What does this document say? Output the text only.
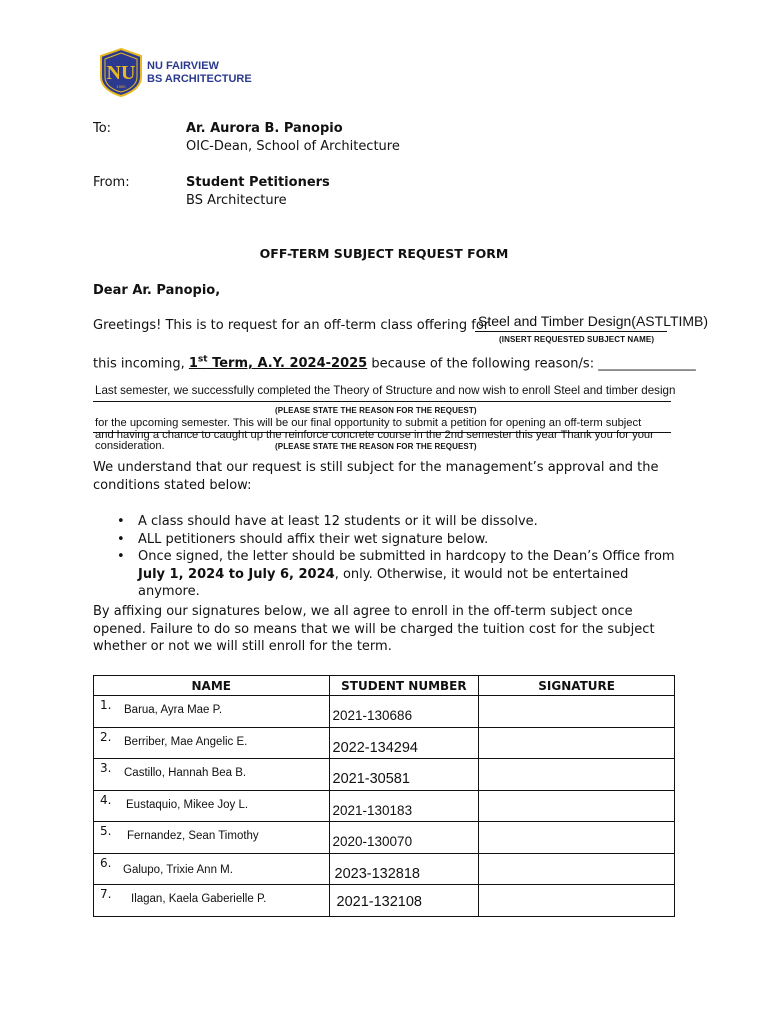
NU
1900
NU FAIRVIEW
BS ARCHITECTURE
To:	Ar. Aurora B. Panopio
OIC-Dean, School of Architecture
From:	Student Petitioners
BS Architecture
OFF-TERM SUBJECT REQUEST FORM
Dear Ar. Panopio,
Greetings! This is to request for an off-term class offering for
Steel and Timber Design(ASTLTIMB)
(INSERT REQUESTED SUBJECT NAME)
this incoming, 1st Term, A.Y. 2024-2025 because of the following reason/s: _______________
Last semester, we successfully completed the Theory of Structure and now wish to enroll Steel and timber design
(PLEASE STATE THE REASON FOR THE REQUEST)
for the upcoming semester. This will be our final opportunity to submit a petition for opening an off-term subject
and having a chance to caught up the reinforce concrete course in the 2nd semester this year Thank you for your
consideration.	(PLEASE STATE THE REASON FOR THE REQUEST)
We understand that our request is still subject for the management’s approval and the conditions stated below:
• A class should have at least 12 students or it will be dissolve.
• ALL petitioners should affix their wet signature below.
• Once signed, the letter should be submitted in hardcopy to the Dean’s Office from July 1, 2024 to July 6, 2024, only. Otherwise, it would not be entertained anymore.
By affixing our signatures below, we all agree to enroll in the off-term subject once opened. Failure to do so means that we will be charged the tuition cost for the subject whether or not we will still enroll for the term.
NAME	STUDENT NUMBER	SIGNATURE

1. Barua, Ayra Mae P.	2021-130686	

2. Berriber, Mae Angelic E.	2022-134294	

3. Castillo, Hannah Bea B.	2021-30581	

4. Eustaquio, Mikee Joy L.	2021-130183	

5. Fernandez, Sean Timothy	2020-130070	

6. Galupo, Trixie Ann M.	2023-132818	

7. Ilagan, Kaela Gaberielle P.	2021-132108	
